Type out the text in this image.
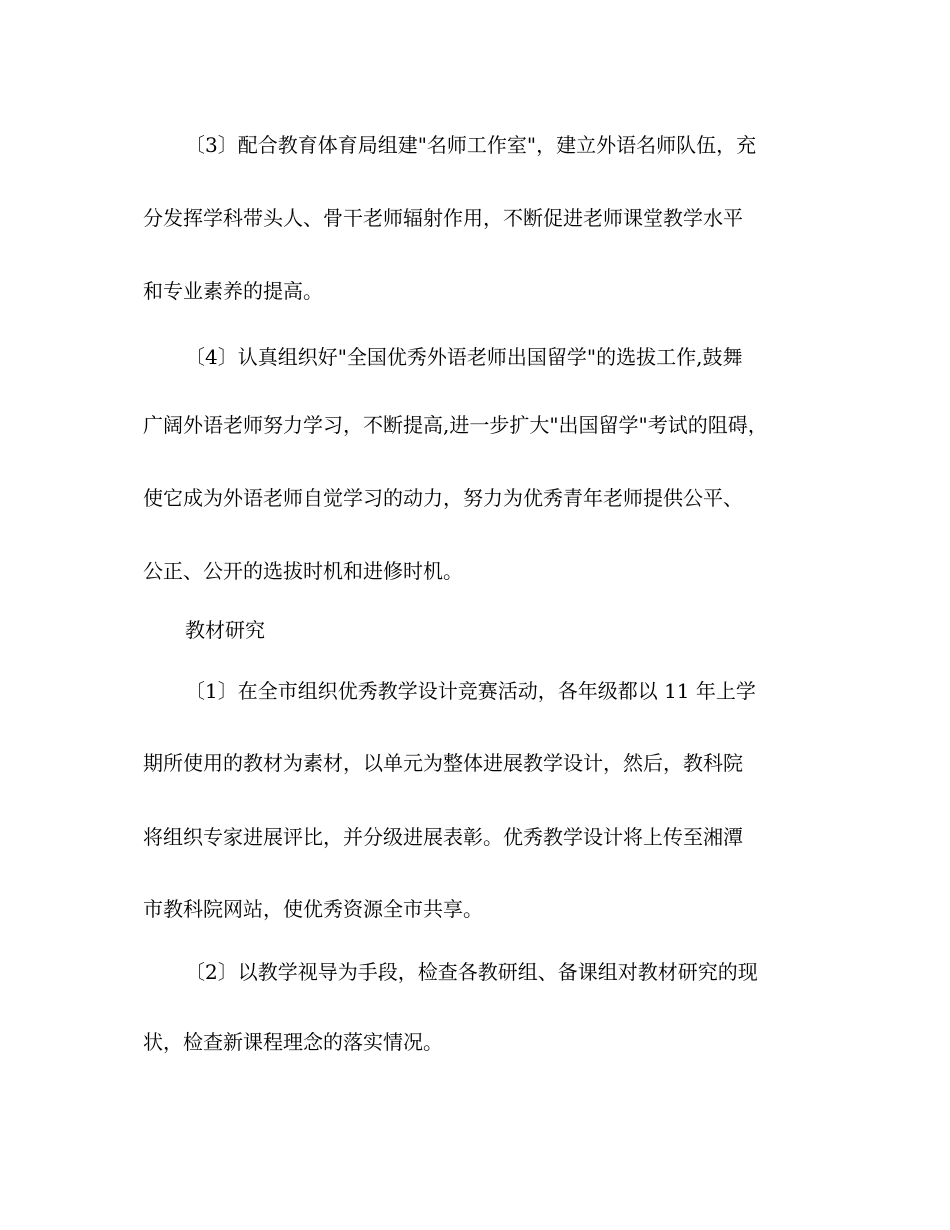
〔3〕配合教育体育局组建"名师工作室"，建立外语名师队伍，充
分发挥学科带头人、骨干老师辐射作用，不断促进老师课堂教学水平
和专业素养的提高。
〔4〕认真组织好"全国优秀外语老师出国留学"的选拔工作,鼓舞
广阔外语老师努力学习，不断提高,进一步扩大"出国留学"考试的阻碍，
使它成为外语老师自觉学习的动力，努力为优秀青年老师提供公平、
公正、公开的选拔时机和进修时机。
教材研究
〔1〕在全市组织优秀教学设计竞赛活动，各年级都以 11 年上学
期所使用的教材为素材，以单元为整体进展教学设计，然后，教科院
将组织专家进展评比，并分级进展表彰。优秀教学设计将上传至湘潭
市教科院网站，使优秀资源全市共享。
〔2〕以教学视导为手段，检查各教研组、备课组对教材研究的现
状，检查新课程理念的落实情况。
